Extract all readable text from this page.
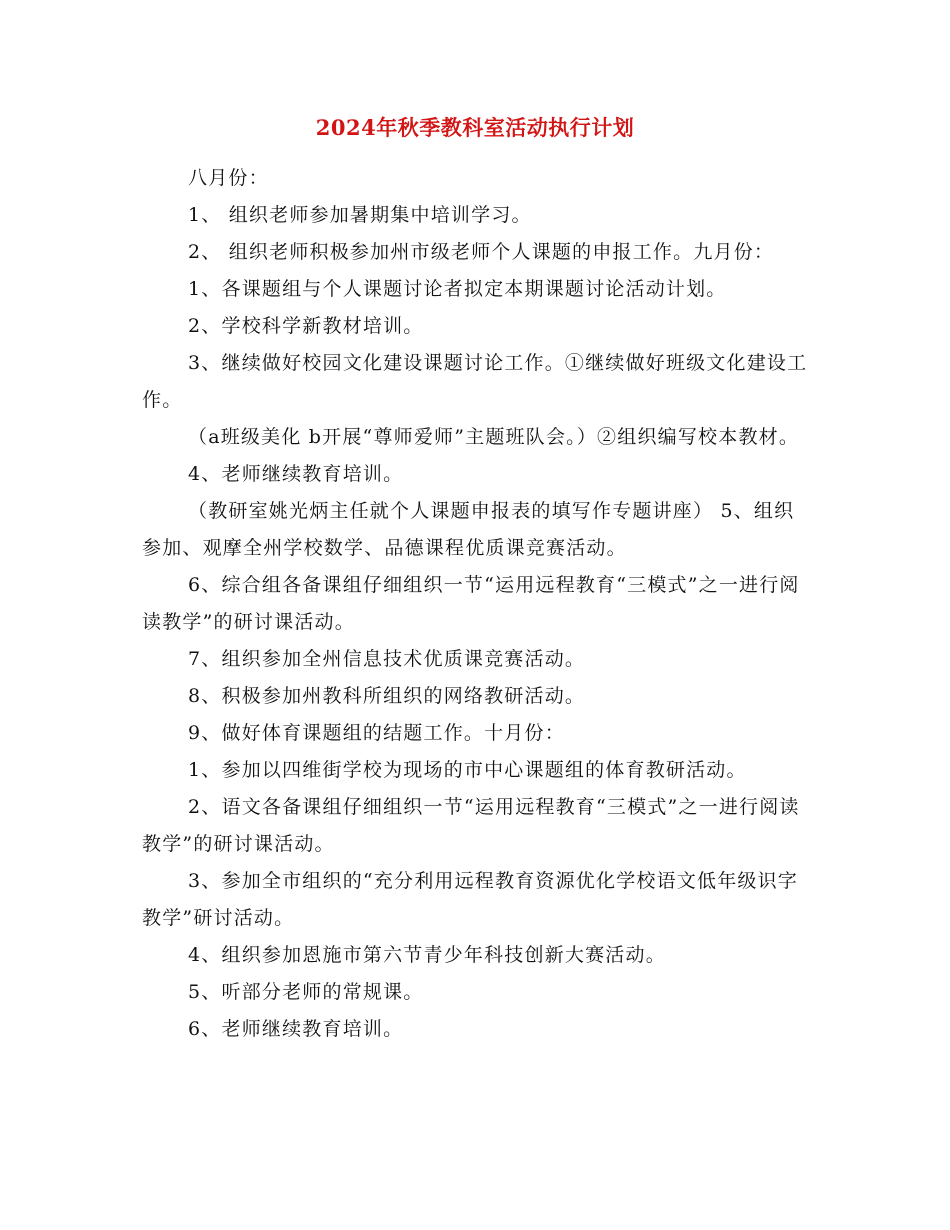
2024年秋季教科室活动执行计划

八月份：

1、 组织老师参加暑期集中培训学习。

2、 组织老师积极参加州市级老师个人课题的申报工作。九月份：

1、各课题组与个人课题讨论者拟定本期课题讨论活动计划。

2、学校科学新教材培训。

3、继续做好校园文化建设课题讨论工作。①继续做好班级文化建设工作。

（a班级美化 b开展“尊师爱师”主题班队会。）②组织编写校本教材。

4、老师继续教育培训。

（教研室姚光炳主任就个人课题申报表的填写作专题讲座） 5、组织参加、观摩全州学校数学、品德课程优质课竞赛活动。

6、综合组各备课组仔细组织一节“运用远程教育“三模式”之一进行阅读教学”的研讨课活动。

7、组织参加全州信息技术优质课竞赛活动。

8、积极参加州教科所组织的网络教研活动。

9、做好体育课题组的结题工作。十月份：

1、参加以四维街学校为现场的市中心课题组的体育教研活动。

2、语文各备课组仔细组织一节“运用远程教育“三模式”之一进行阅读教学”的研讨课活动。

3、参加全市组织的“充分利用远程教育资源优化学校语文低年级识字教学”研讨活动。

4、组织参加恩施市第六节青少年科技创新大赛活动。

5、听部分老师的常规课。

6、老师继续教育培训。
